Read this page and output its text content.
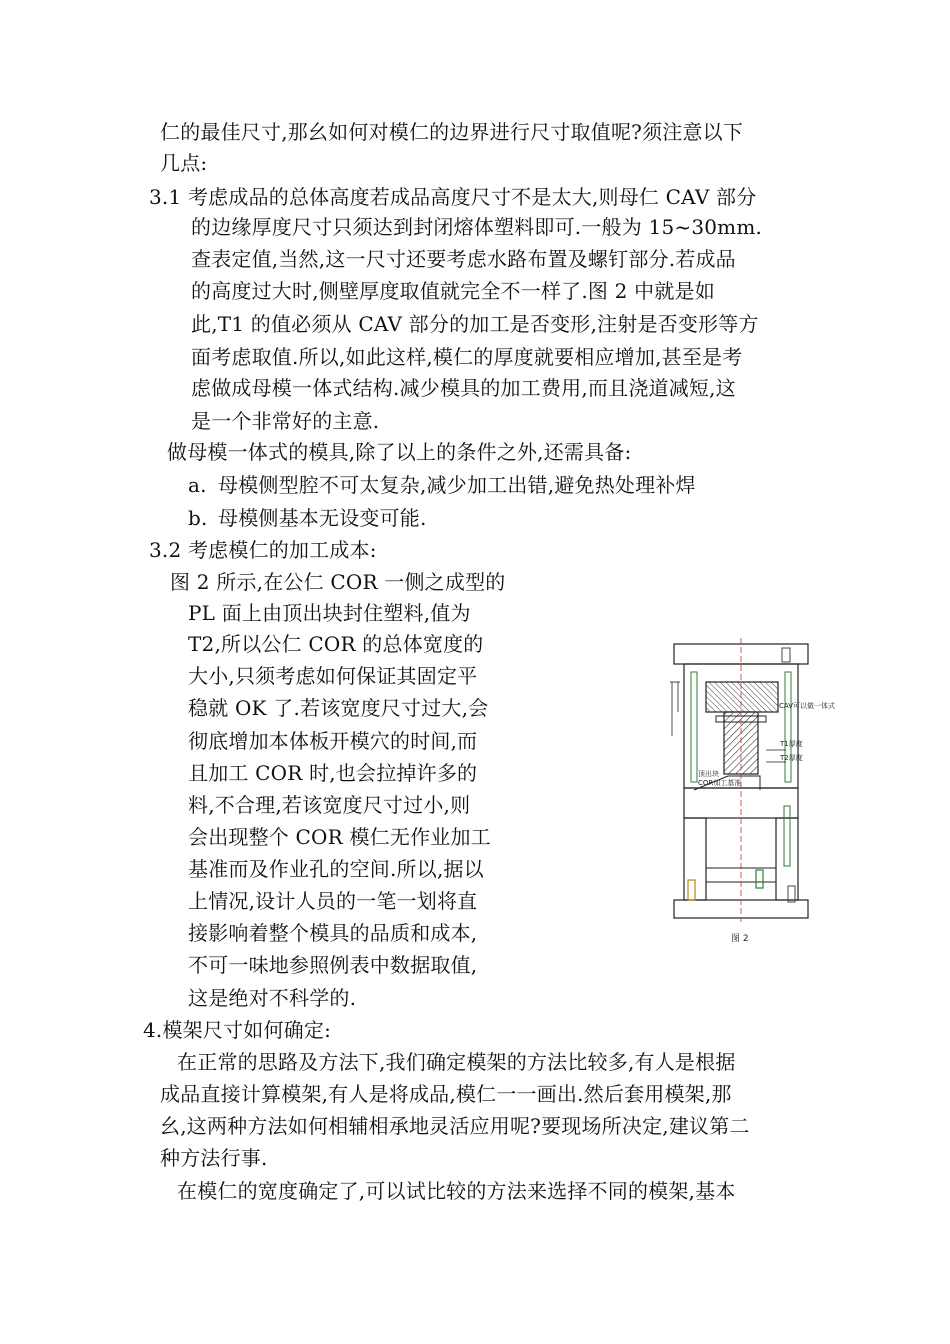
仁的最佳尺寸,那幺如何对模仁的边界进行尺寸取值呢?须注意以下

几点:

3.1 考虑成品的总体高度若成品高度尺寸不是太大,则母仁 CAV 部分

的边缘厚度尺寸只须达到封闭熔体塑料即可.一般为 15~30mm.

查表定值,当然,这一尺寸还要考虑水路布置及螺钉部分.若成品

的高度过大时,侧壁厚度取值就完全不一样了.图 2 中就是如

此,T1 的值必须从 CAV 部分的加工是否变形,注射是否变形等方

面考虑取值.所以,如此这样,模仁的厚度就要相应增加,甚至是考

虑做成母模一体式结构.减少模具的加工费用,而且浇道减短,这

是一个非常好的主意.

做母模一体式的模具,除了以上的条件之外,还需具备:

a. 母模侧型腔不可太复杂,减少加工出错,避免热处理补焊

b. 母模侧基本无设变可能.

3.2 考虑模仁的加工成本:

图 2 所示,在公仁 COR 一侧之成型的

PL 面上由顶出块封住塑料,值为

T2,所以公仁 COR 的总体宽度的

大小,只须考虑如何保证其固定平

稳就 OK 了.若该宽度尺寸过大,会

彻底增加本体板开模穴的时间,而

且加工 COR 时,也会拉掉许多的

料,不合理,若该宽度尺寸过小,则

会出现整个 COR 模仁无作业加工

基准而及作业孔的空间.所以,据以

上情况,设计人员的一笔一划将直

接影响着整个模具的品质和成本,

不可一味地参照例表中数据取值,

这是绝对不科学的.

4.模架尺寸如何确定:

在正常的思路及方法下,我们确定模架的方法比较多,有人是根据

成品直接计算模架,有人是将成品,模仁一一画出.然后套用模架,那

幺,这两种方法如何相辅相承地灵活应用呢?要现场所决定,建议第二

种方法行事.

在模仁的宽度确定了,可以试比较的方法来选择不同的模架,基本

CAV可以做一体式
T1厚度
T2厚度
顶出块
COR加工基准
图 2
